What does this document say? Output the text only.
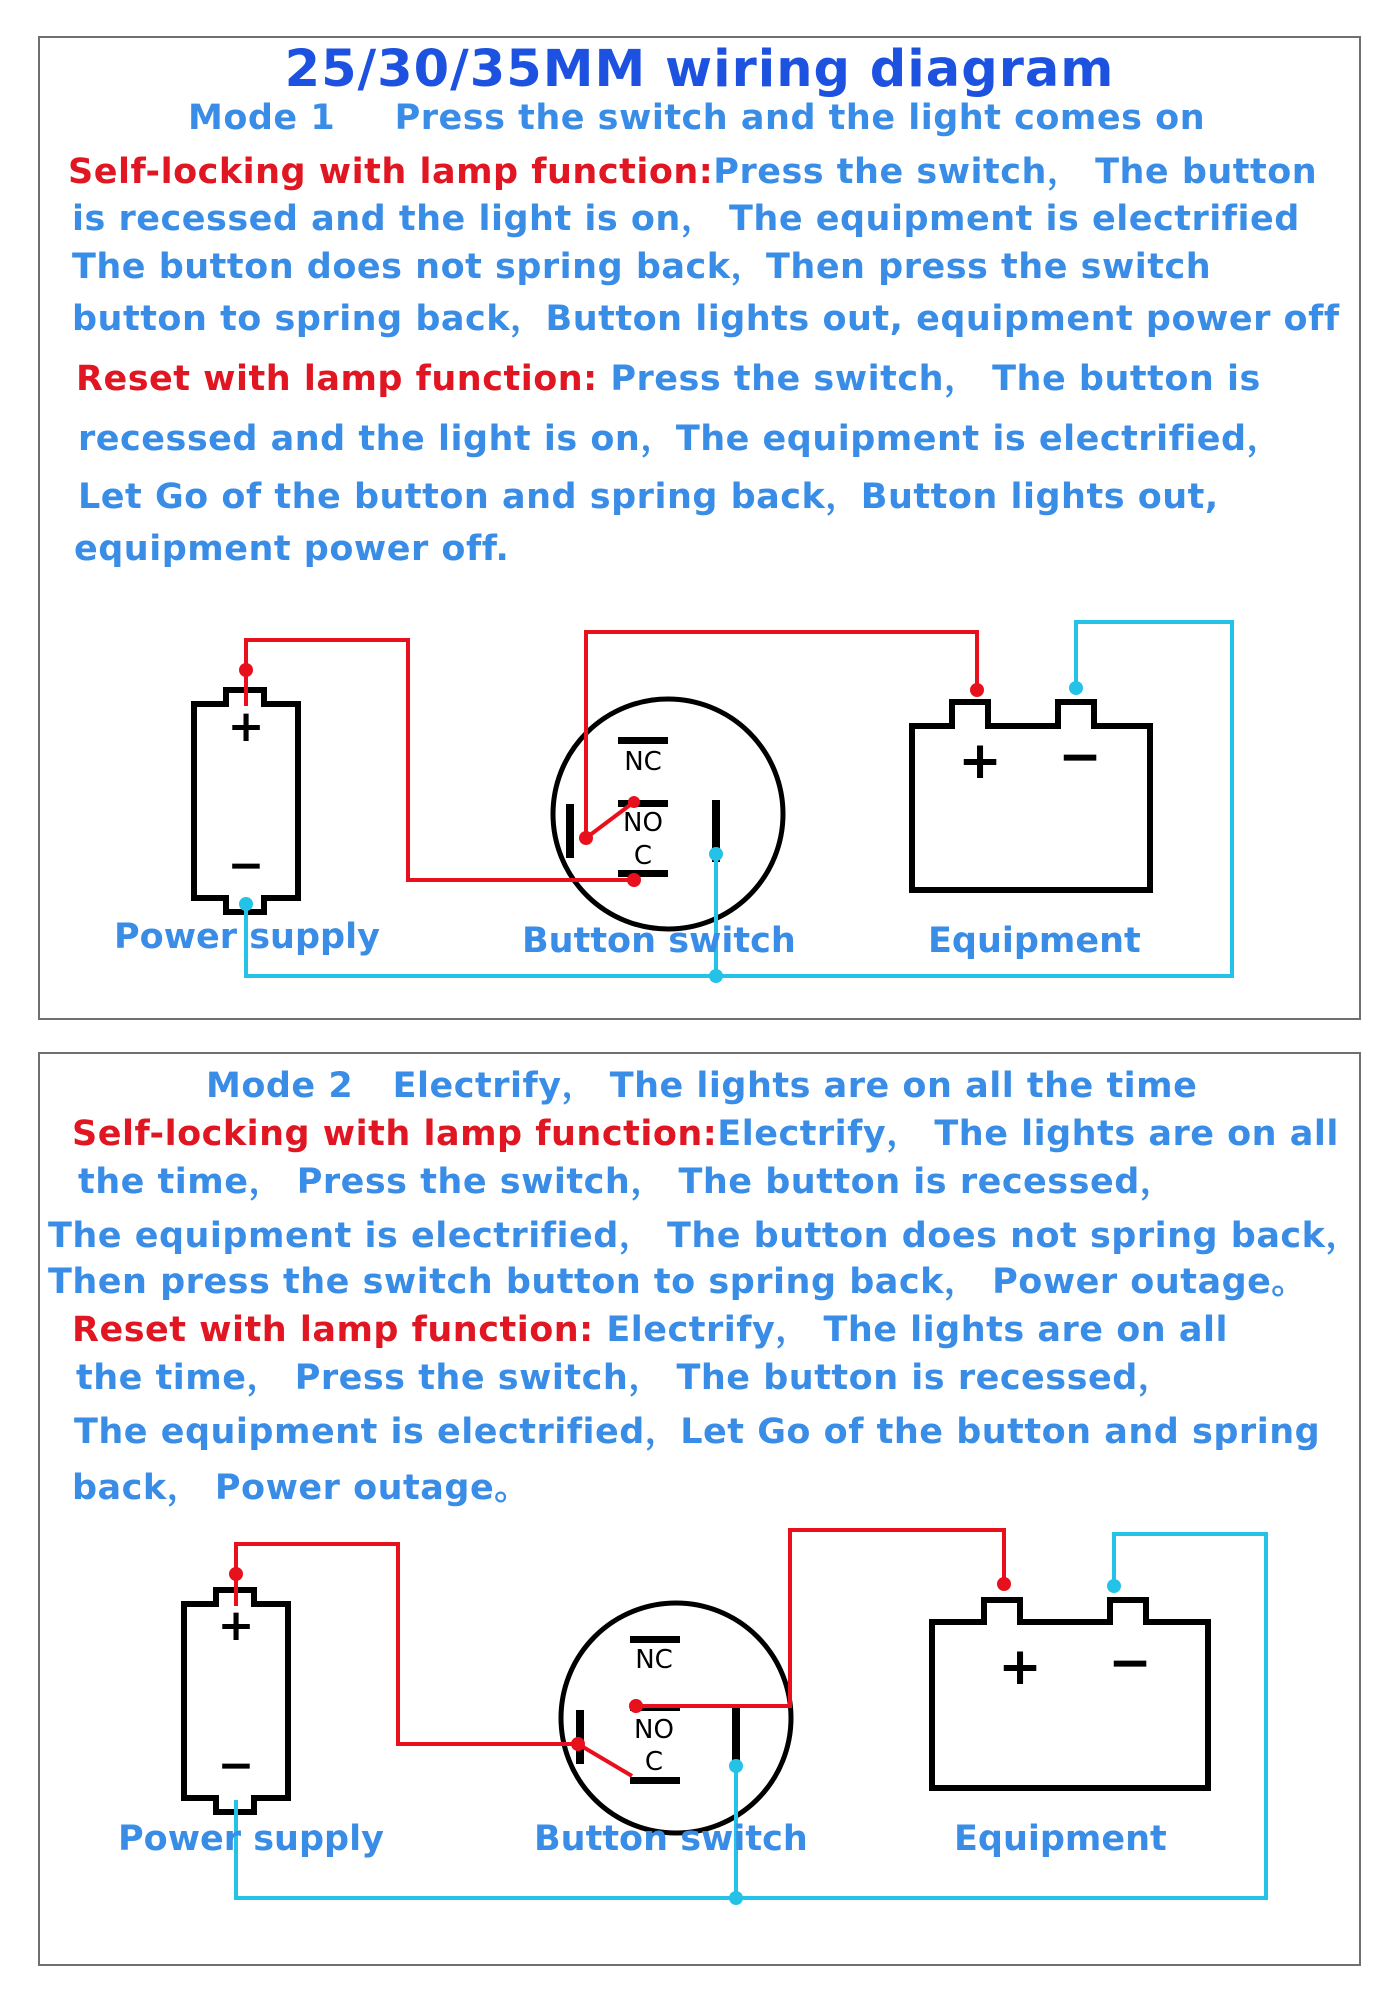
25/30/35MM wiring diagram
Mode 1 Press the switch and the light comes on
Self-locking with lamp function:Press the switch， The button
is recessed and the light is on， The equipment is electrified
The button does not spring back，Then press the switch
button to spring back，Button lights out, equipment power off
Reset with lamp function: Press the switch， The button is
recessed and the light is on，The equipment is electrified，
Let Go of the button and spring back，Button lights out,
equipment power off.
+
−
NC
NO
C
+ −
Power supply	Button switch	Equipment
Mode 2 Electrify， The lights are on all the time
Self-locking with lamp function:Electrify， The lights are on all
the time， Press the switch， The button is recessed，
The equipment is electrified， The button does not spring back，
Then press the switch button to spring back， Power outage。
Reset with lamp function: Electrify， The lights are on all
the time， Press the switch， The button is recessed，
The equipment is electrified，Let Go of the button and spring
back， Power outage。
+
−
NC
NO
C
+ −
Power supply	Button switch	Equipment
